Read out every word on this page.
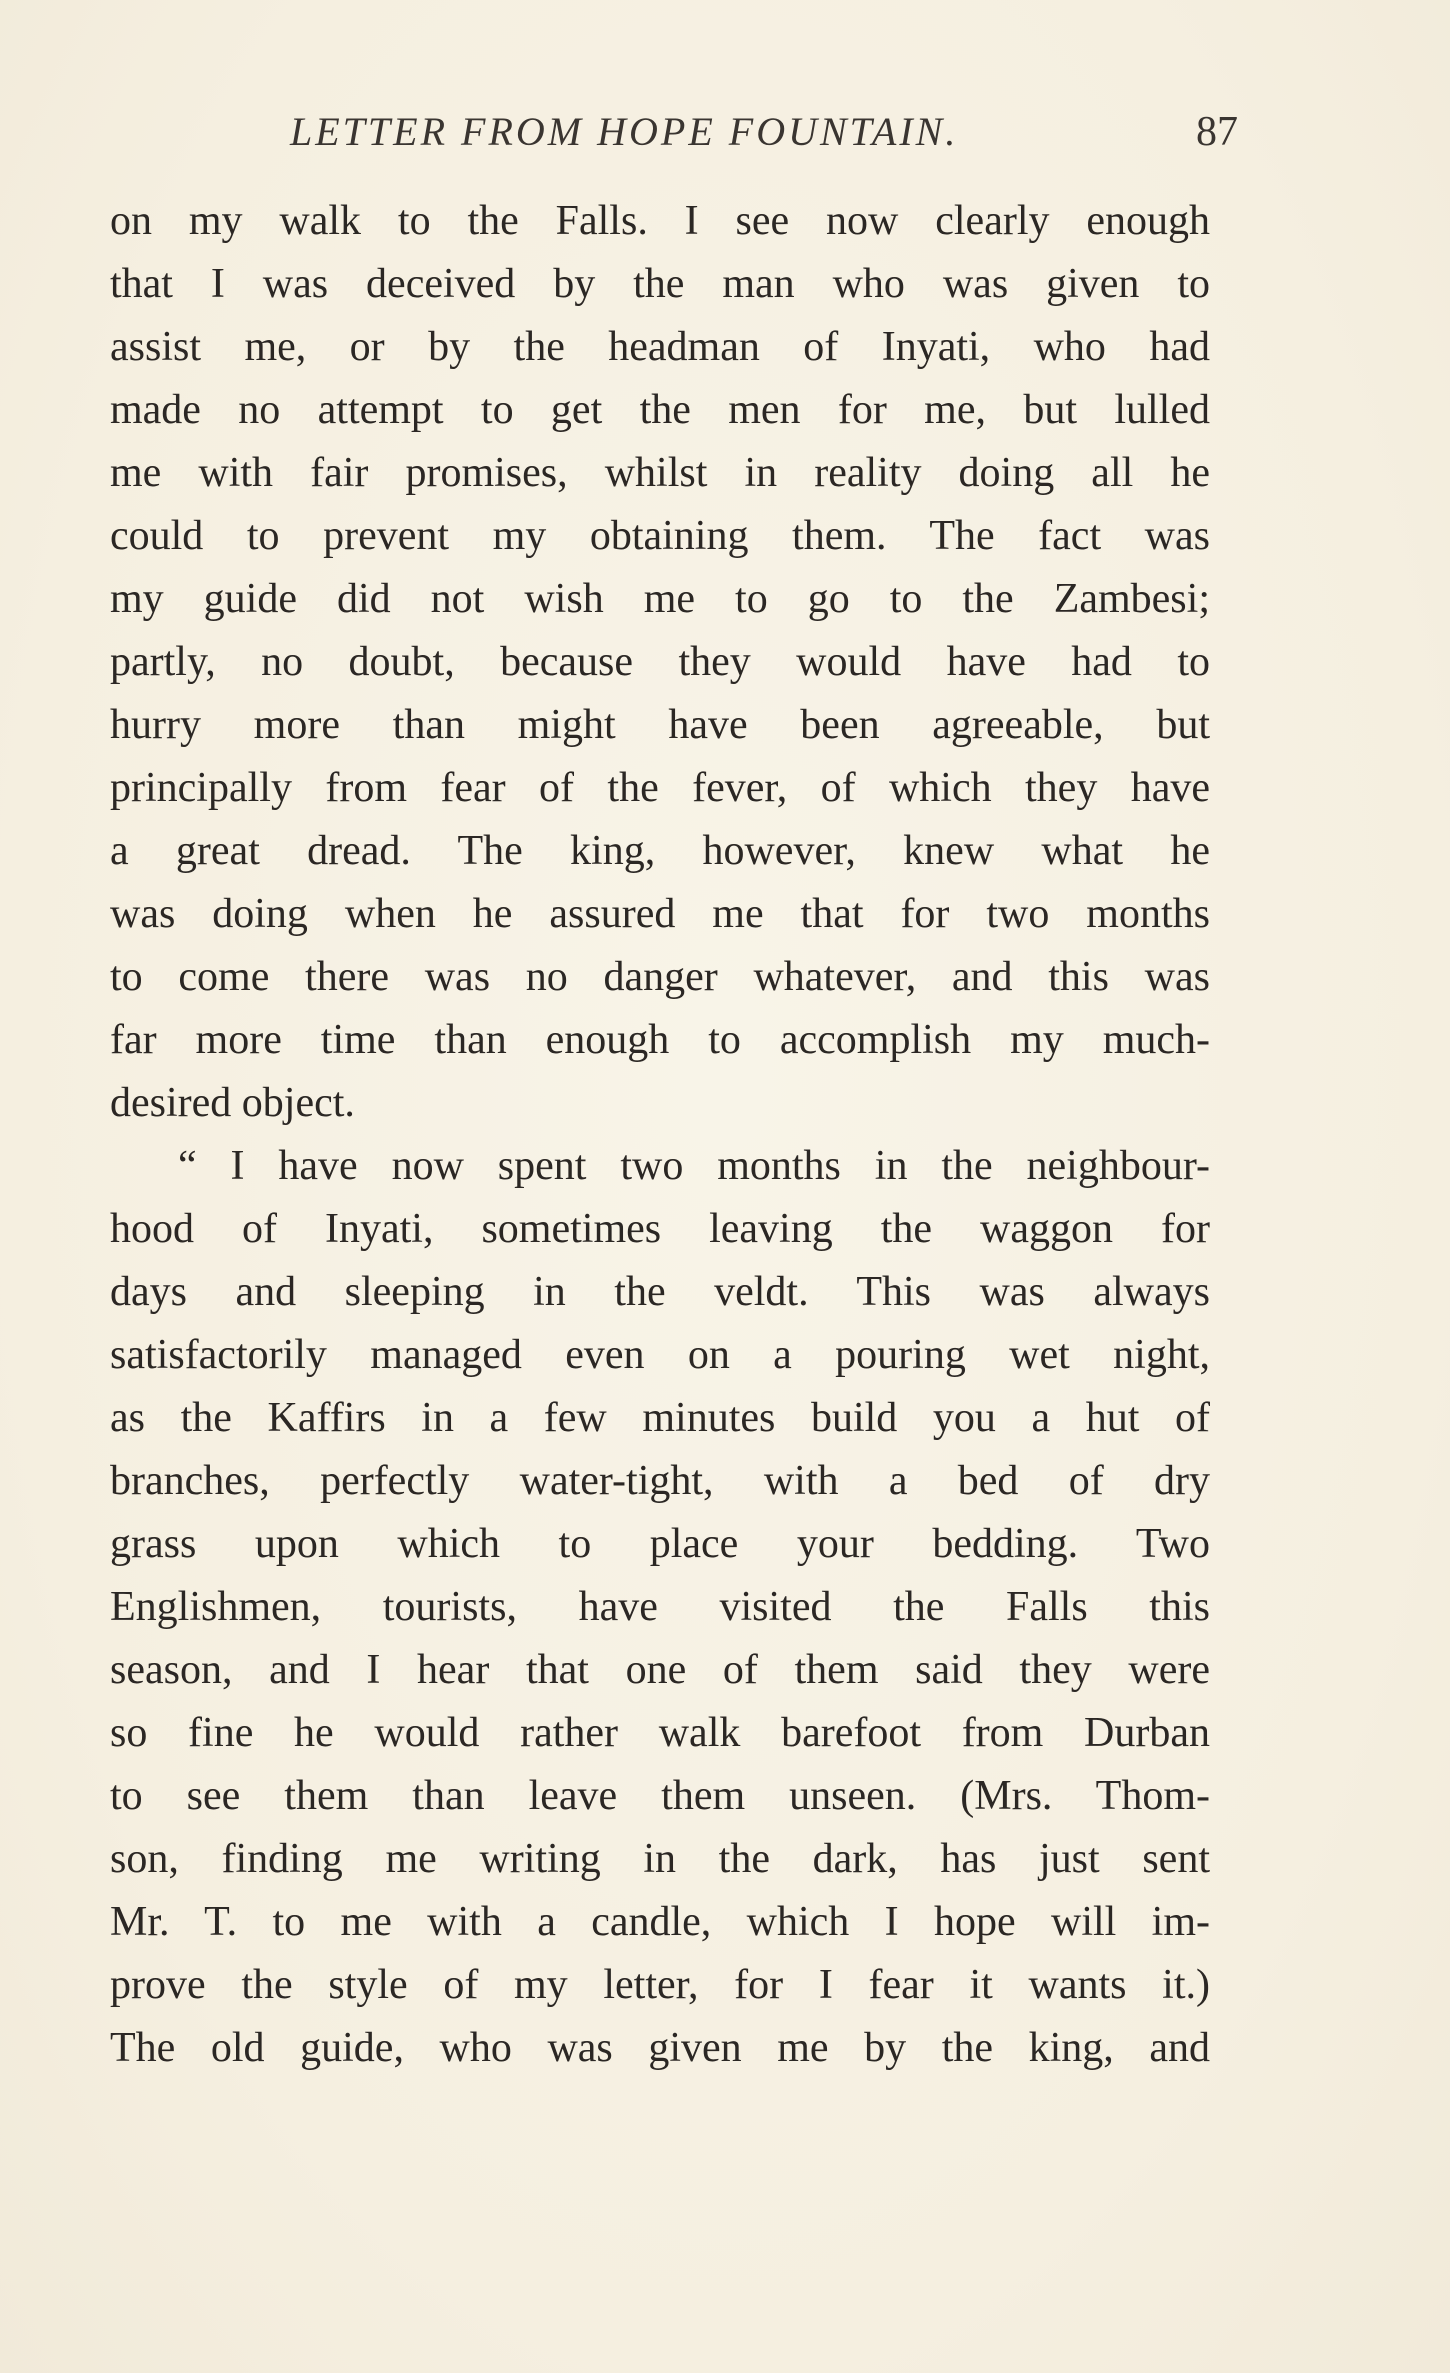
LETTER FROM HOPE FOUNTAIN.	87
on my walk to the Falls. I see now clearly enough
that I was deceived by the man who was given to
assist me, or by the headman of Inyati, who had
made no attempt to get the men for me, but lulled
me with fair promises, whilst in reality doing all he
could to prevent my obtaining them. The fact was
my guide did not wish me to go to the Zambesi;
partly, no doubt, because they would have had to
hurry more than might have been agreeable, but
principally from fear of the fever, of which they have
a great dread. The king, however, knew what he
was doing when he assured me that for two months
to come there was no danger whatever, and this was
far more time than enough to accomplish my much-
desired object.
“ I have now spent two months in the neighbour-
hood of Inyati, sometimes leaving the waggon for
days and sleeping in the veldt. This was always
satisfactorily managed even on a pouring wet night,
as the Kaffirs in a few minutes build you a hut of
branches, perfectly water-tight, with a bed of dry
grass upon which to place your bedding. Two
Englishmen, tourists, have visited the Falls this
season, and I hear that one of them said they were
so fine he would rather walk barefoot from Durban
to see them than leave them unseen. (Mrs. Thom-
son, finding me writing in the dark, has just sent
Mr. T. to me with a candle, which I hope will im-
prove the style of my letter, for I fear it wants it.)
The old guide, who was given me by the king, and
